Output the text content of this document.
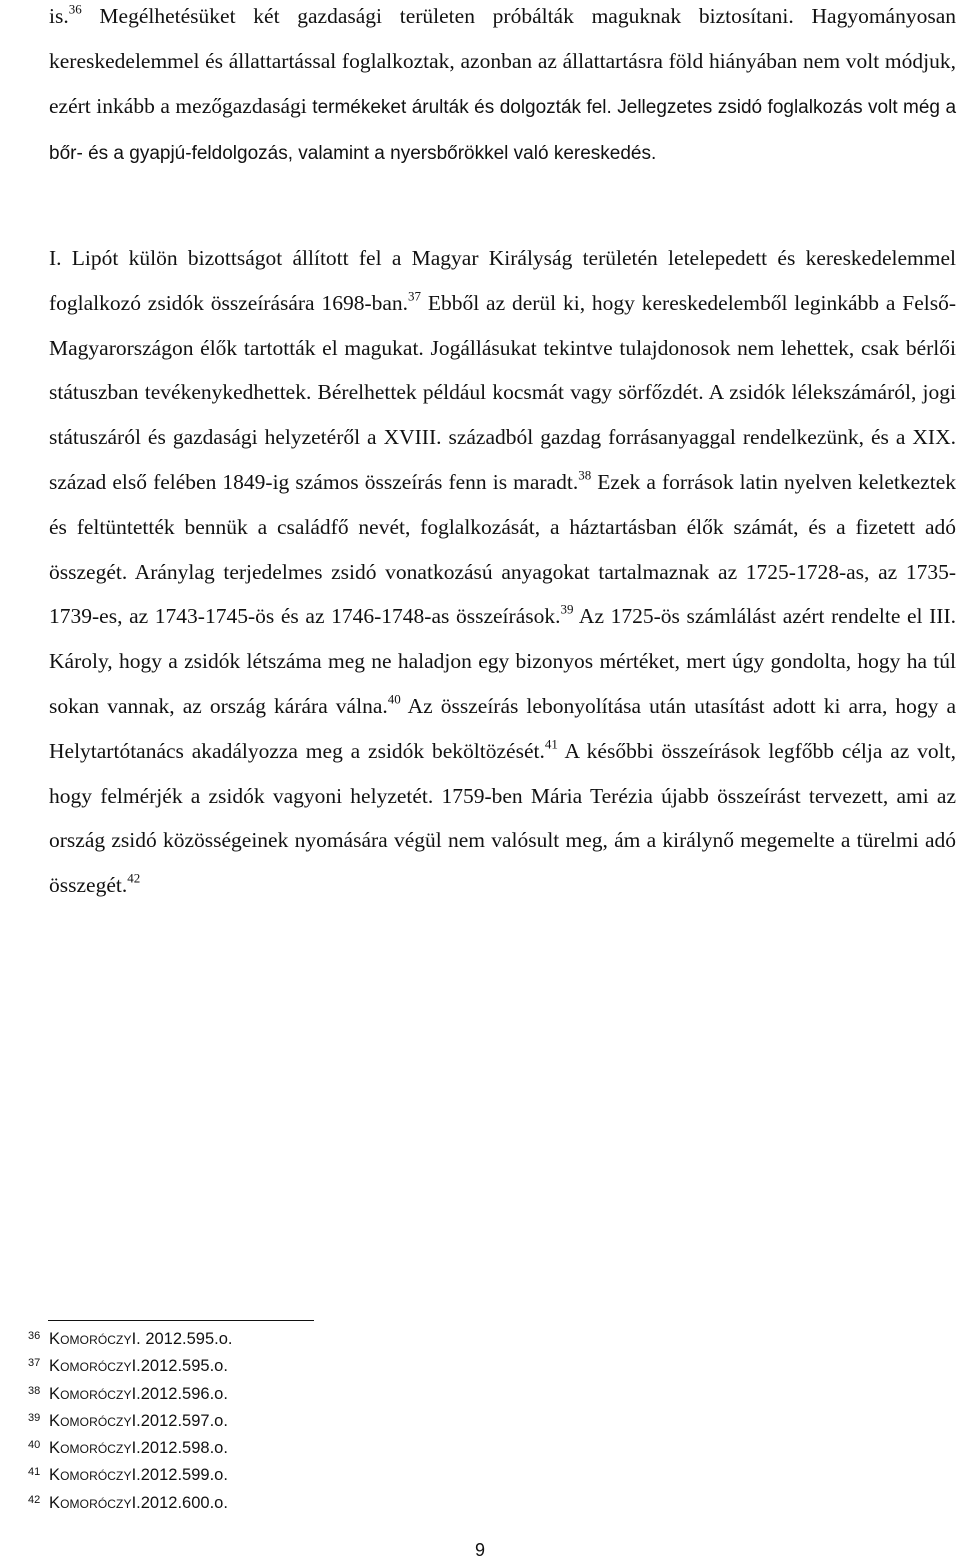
is.$^{36}$ Megélhetésüket két gazdasági területen próbálták maguknak biztosítani. Hagyományosan kereskedelemmel és állattartással foglalkoztak, azonban az állattartásra föld hiányában nem volt módjuk, ezért inkább a mezőgazdasági termékeket árulták és dolgozták fel. Jellegzetes zsidó foglalkozás volt még a bőr- és a gyapjú-feldolgozás, valamint a nyersbőrökkel való kereskedés.

I. Lipót külön bizottságot állított fel a Magyar Királyság területén letelepedett és kereskedelemmel foglalkozó zsidók összeírására 1698-ban.$^{37}$ Ebből az derül ki, hogy kereskedelemből leginkább a Felső-Magyarországon élők tartották el magukat. Jogállásukat tekintve tulajdonosok nem lehettek, csak bérlői státuszban tevékenykedhettek. Bérelhettek például kocsmát vagy sörfőzdét. A zsidók lélekszámáról, jogi státuszáról és gazdasági helyzetéről a XVIII. századból gazdag forrásanyaggal rendelkezünk, és a XIX. század első felében 1849-ig számos összeírás fenn is maradt.$^{38}$ Ezek a források latin nyelven keletkeztek és feltüntették bennük a családfő nevét, foglalkozását, a háztartásban élők számát, és a fizetett adó összegét. Aránylag terjedelmes zsidó vonatkozású anyagokat tartalmaznak az 1725-1728-as, az 1735-1739-es, az 1743-1745-ös és az 1746-1748-as összeírások.$^{39}$ Az 1725-ös számlálást azért rendelte el III. Károly, hogy a zsidók létszáma meg ne haladjon egy bizonyos mértéket, mert úgy gondolta, hogy ha túl sokan vannak, az ország kárára válna.$^{40}$ Az összeírás lebonyolítása után utasítást adott ki arra, hogy a Helytartótanács akadályozza meg a zsidók beköltözését.$^{41}$ A későbbi összeírások legfőbb célja az volt, hogy felmérjék a zsidók vagyoni helyzetét. 1759-ben Mária Terézia újabb összeírást tervezett, ami az ország zsidó közösségeinek nyomására végül nem valósult meg, ám a királynő megemelte a türelmi adó összegét.$^{42}$

36 Komoróczy I. 2012.595.o.
37 Komoróczy I.2012.595.o.
38 Komoróczy I.2012.596.o.
39 Komoróczy I.2012.597.o.
40 Komoróczy I.2012.598.o.
41 Komoróczy I.2012.599.o.
42 Komoróczy I.2012.600.o.
9
